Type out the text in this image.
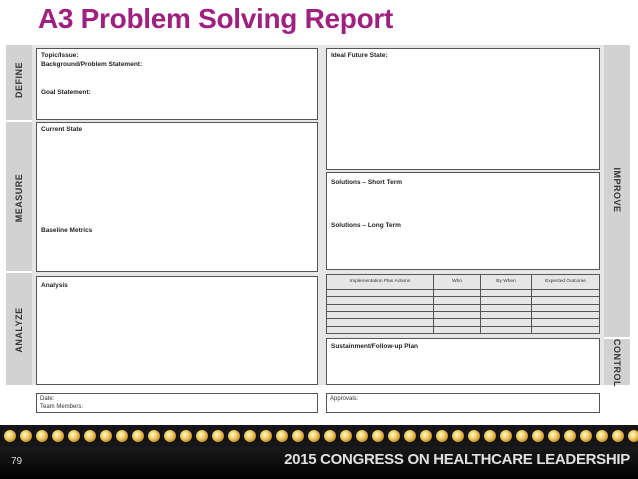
A3 Problem Solving Report
DEFINE
MEASURE
ANALYZE
IMPROVE
CONTROL
Topic/Issue:
Background/Problem Statement:
Goal Statement:
Current State
Baseline Metrics
Analysis
Ideal Future State:
Solutions – Short Term
Solutions – Long Term
Implementation Plan Actions	Who	By When	Expected Outcome

Sustainment/Follow-up Plan
Date:
Team Members:
Approvals:
79	2015 CONGRESS ON HEALTHCARE LEADERSHIP
